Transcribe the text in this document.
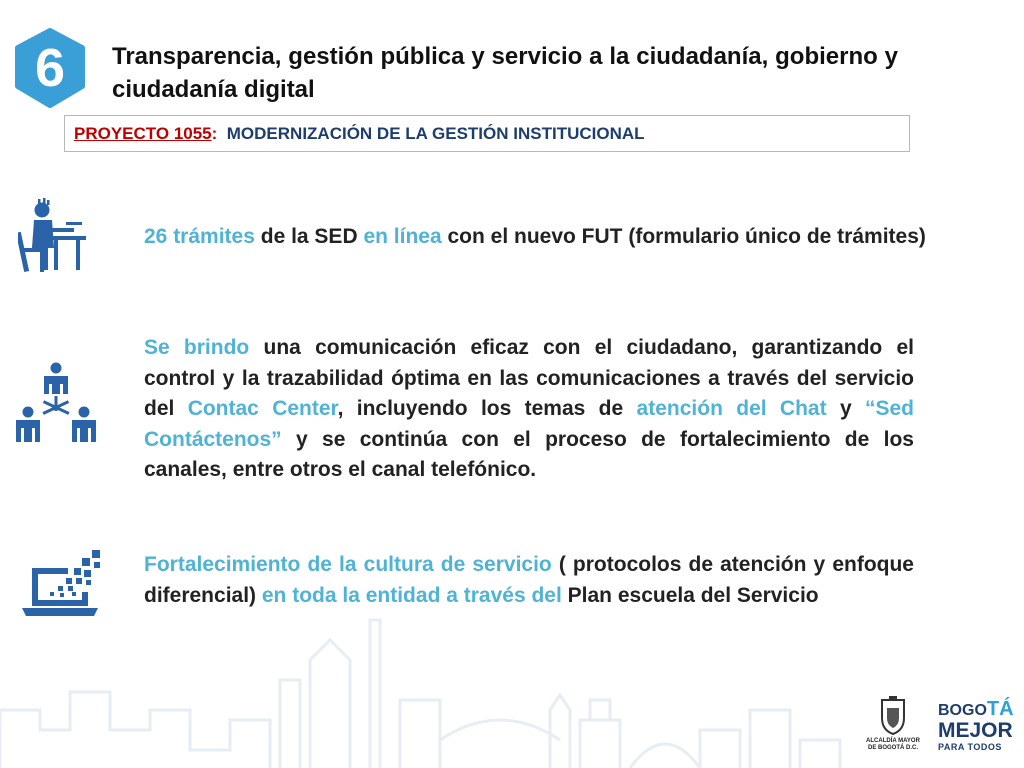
6	Transparencia, gestión pública y servicio a la ciudadanía, gobierno y ciudadanía digital
PROYECTO 1055: MODERNIZACIÓN DE LA GESTIÓN INSTITUCIONAL

26 trámites de la SED en línea con el nuevo FUT (formulario único de trámites)

Se brindo una comunicación eficaz con el ciudadano, garantizando el control y la trazabilidad óptima en las comunicaciones a través del servicio del Contac Center, incluyendo los temas de atención del Chat y “Sed Contáctenos” y se continúa con el proceso de fortalecimiento de los canales, entre otros el canal telefónico.

Fortalecimiento de la cultura de servicio ( protocolos de atención y enfoque diferencial) en toda la entidad a través del Plan escuela del Servicio

ALCALDÍA MAYOR
DE BOGOTÁ D.C.
BOGOTÁ
MEJOR
PARA TODOS
